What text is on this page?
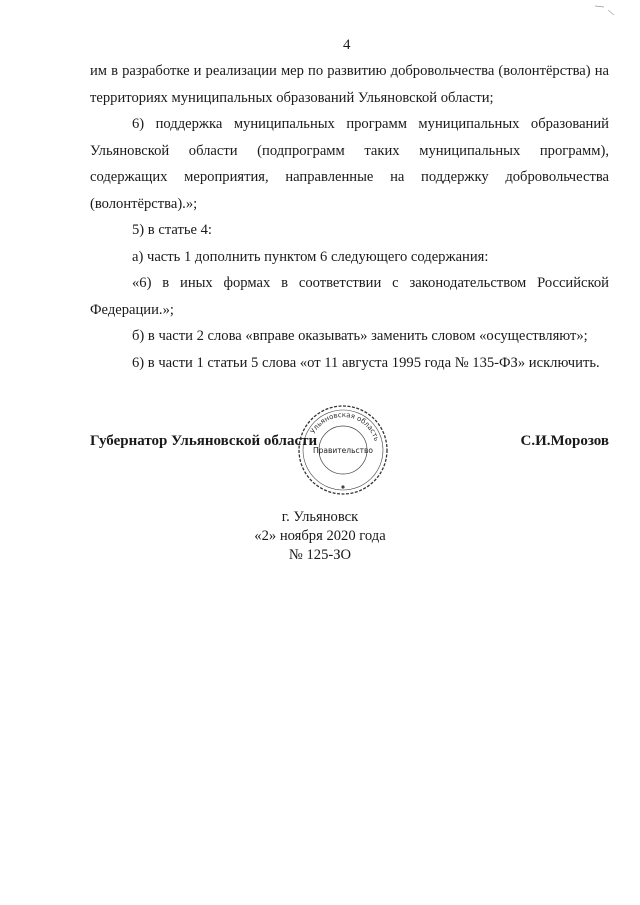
4

им в разработке и реализации мер по развитию добровольчества (волонтёрства) на территориях муниципальных образований Ульяновской области;

6) поддержка муниципальных программ муниципальных образований Ульяновской области (подпрограмм таких муниципальных программ), содержащих мероприятия, направленные на поддержку добровольчества (волонтёрства).»;

5) в статье 4:

а) часть 1 дополнить пунктом 6 следующего содержания:

«6) в иных формах в соответствии с законодательством Российской Федерации.»;

б) в части 2 слова «вправе оказывать» заменить словом «осуществляют»;

6) в части 1 статьи 5 слова «от 11 августа 1995 года № 135-ФЗ» исключить.

Ульяновская область
Правительство
Губернатор Ульяновской области	С.И.Морозов
г. Ульяновск
«2» ноября 2020 года
№ 125-ЗО
